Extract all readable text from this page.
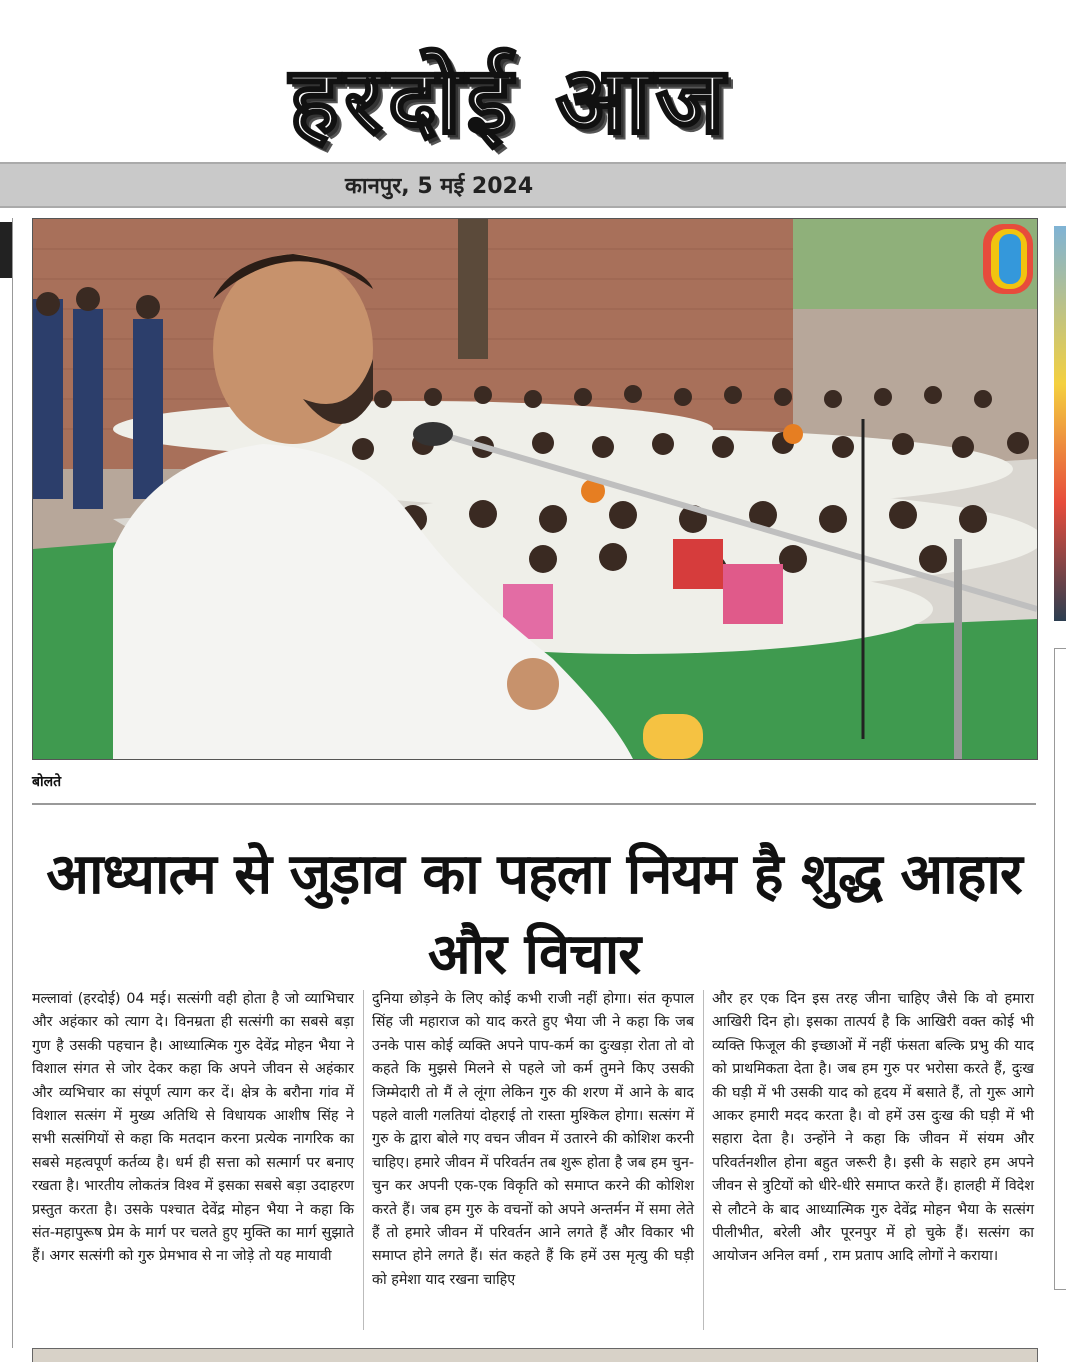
हरदोई आज
कानपुर, 5 मई 2024
बोलते
आध्यात्म से जुड़ाव का पहला नियम है शुद्ध आहार और विचार
मल्लावां (हरदोई) 04 मई। सत्संगी वही होता है जो व्याभिचार और अहंकार को त्याग दे। विनम्रता ही सत्संगी का सबसे बड़ा गुण है उसकी पहचान है। आध्यात्मिक गुरु देवेंद्र मोहन भैया ने विशाल संगत से जोर देकर कहा कि अपने जीवन से अहंकार और व्यभिचार का संपूर्ण त्याग कर दें। क्षेत्र के बरौना गांव में विशाल सत्संग में मुख्य अतिथि से विधायक आशीष सिंह ने सभी सत्संगियों से कहा कि मतदान करना प्रत्येक नागरिक का सबसे महत्वपूर्ण कर्तव्य है। धर्म ही सत्ता को सत्मार्ग पर बनाए रखता है। भारतीय लोकतंत्र विश्व में इसका सबसे बड़ा उदाहरण प्रस्तुत करता है। उसके पश्चात देवेंद्र मोहन भैया ने कहा कि संत-महापुरूष प्रेम के मार्ग पर चलते हुए मुक्ति का मार्ग सुझाते हैं। अगर सत्संगी को गुरु प्रेमभाव से ना जोड़े तो यह मायावी
दुनिया छोड़ने के लिए कोई कभी राजी नहीं होगा। संत कृपाल सिंह जी महाराज को याद करते हुए भैया जी ने कहा कि जब उनके पास कोई व्यक्ति अपने पाप-कर्म का दुःखड़ा रोता तो वो कहते कि मुझसे मिलने से पहले जो कर्म तुमने किए उसकी जिम्मेदारी तो मैं ले लूंगा लेकिन गुरु की शरण में आने के बाद पहले वाली गलतियां दोहराई तो रास्ता मुश्किल होगा। सत्संग में गुरु के द्वारा बोले गए वचन जीवन में उतारने की कोशिश करनी चाहिए। हमारे जीवन में परिवर्तन तब शुरू होता है जब हम चुन-चुन कर अपनी एक-एक विकृति को समाप्त करने की कोशिश करते हैं। जब हम गुरु के वचनों को अपने अन्तर्मन में समा लेते हैं तो हमारे जीवन में परिवर्तन आने लगते हैं और विकार भी समाप्त होने लगते हैं। संत कहते हैं कि हमें उस मृत्यु की घड़ी को हमेशा याद रखना चाहिए
और हर एक दिन इस तरह जीना चाहिए जैसे कि वो हमारा आखिरी दिन हो। इसका तात्पर्य है कि आखिरी वक्त कोई भी व्यक्ति फिजूल की इच्छाओं में नहीं फंसता बल्कि प्रभु की याद को प्राथमिकता देता है। जब हम गुरु पर भरोसा करते हैं, दुःख की घड़ी में भी उसकी याद को हृदय में बसाते हैं, तो गुरू आगे आकर हमारी मदद करता है। वो हमें उस दुःख की घड़ी में भी सहारा देता है। उन्होंने ने कहा कि जीवन में संयम और परिवर्तनशील होना बहुत जरूरी है। इसी के सहारे हम अपने जीवन से त्रुटियों को धीरे-धीरे समाप्त करते हैं। हालही में विदेश से लौटने के बाद आध्यात्मिक गुरु देवेंद्र मोहन भैया के सत्संग पीलीभीत, बरेली और पूरनपुर में हो चुके हैं। सत्संग का आयोजन अनिल वर्मा , राम प्रताप आदि लोगों ने कराया।
